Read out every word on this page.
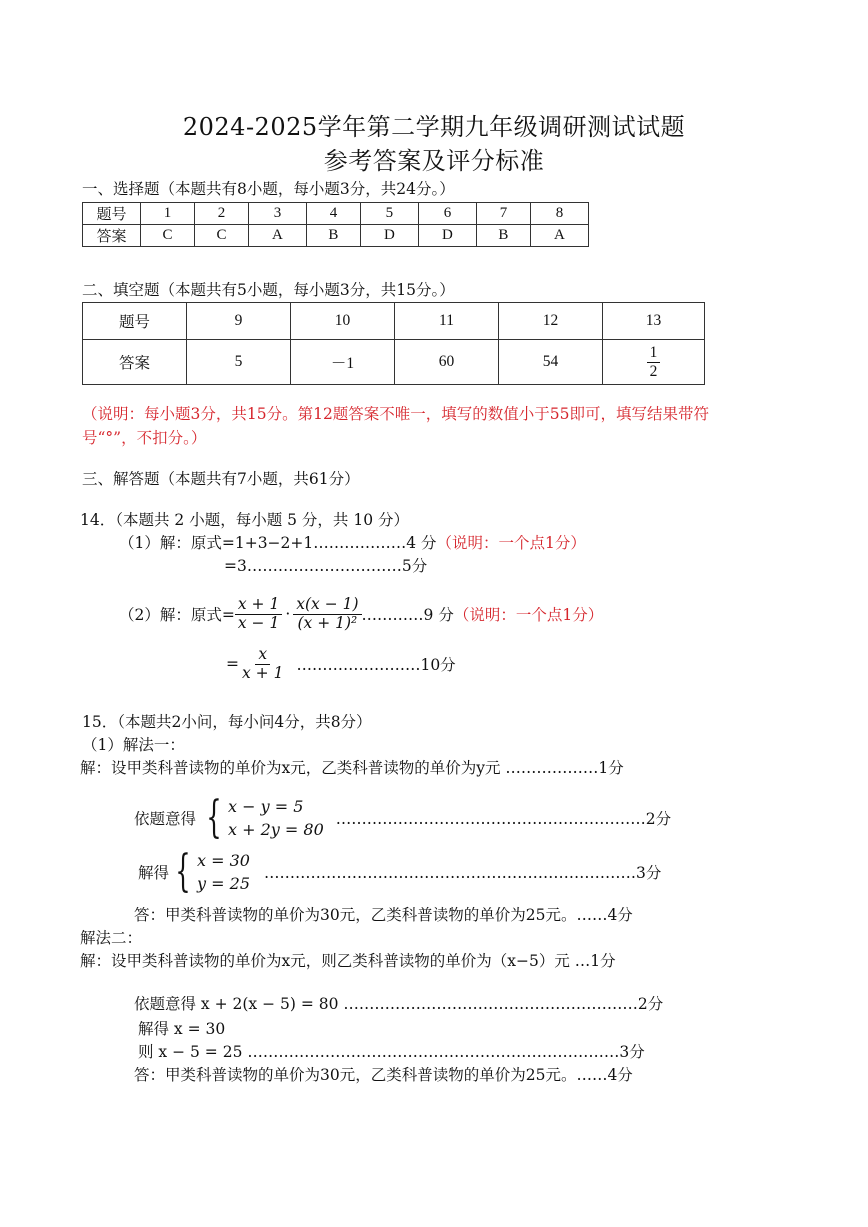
2024-2025学年第二学期九年级调研测试试题
参考答案及评分标准
一、选择题（本题共有8小题，每小题3分，共24分。）
题号	1	2	3	4	5	6	7	8
答案	C	C	A	B	D	D	B	A
二、填空题（本题共有5小题，每小题3分，共15分。）
题号	9	10	11	12	13
答案	5	－1	60	54	$\frac{1}{2}$
（说明：每小题3分，共15分。第12题答案不唯一，填写的数值小于55即可，填写结果带符
号“°”，不扣分。）
三、解答题（本题共有7小题，共61分）
14．（本题共 2 小题，每小题 5 分，共 10 分）
（1）解：原式=1+3−2+1………………4 分（说明：一个点1分）
=3…………………………5分
（2）解：原式= $\frac{x + 1}{x - 1} \cdot \frac{x(x - 1)}{\text{(x + 1)²}}$ …………9 分 （说明：一个点1分）
= $\frac{x}{x + 1}$ ……………………10分
15．（本题共2小问，每小问4分，共8分）
（1）解法一：
解：设甲类科普读物的单价为x元，乙类科普读物的单价为y元 ………………1分
依题意得 { x − y = 5
x + 2y = 80
……………………………………………………2分
解得 { x = 30
y = 25
………………………………………………………………3分
答：甲类科普读物的单价为30元，乙类科普读物的单价为25元。……4分
解法二：
解：设甲类科普读物的单价为x元，则乙类科普读物的单价为（x−5）元 …1分
依题意得 x + 2(x − 5) = 80 …………………………………………………2分
解得 x = 30
则 x − 5 = 25 ………………………………………………………………3分
答：甲类科普读物的单价为30元，乙类科普读物的单价为25元。……4分
